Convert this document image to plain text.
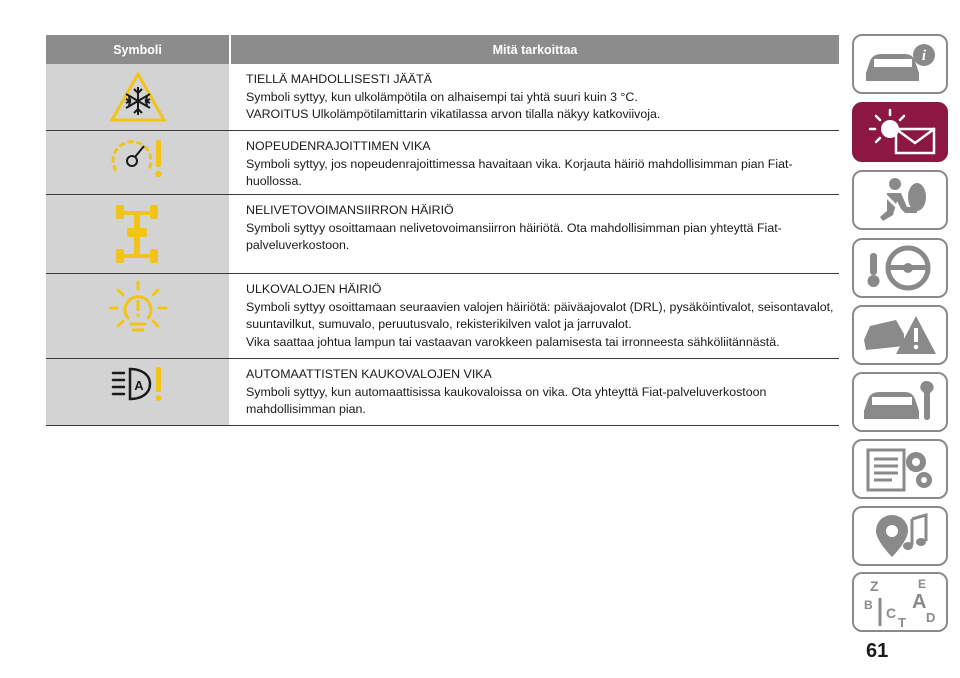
Symboli	Mitä tarkoittaa

TIELLÄ MAHDOLLISESTI JÄÄTÄ

Symboli syttyy, kun ulkolämpötila on alhaisempi tai yhtä suuri kuin 3 °C.

VAROITUS Ulkolämpötilamittarin vikatilassa arvon tilalla näkyy katkoviivoja.

NOPEUDENRAJOITTIMEN VIKA

Symboli syttyy, jos nopeudenrajoittimessa havaitaan vika. Korjauta häiriö mahdollisimman pian Fiat-huollossa.

NELIVETOVOIMANSIIRRON HÄIRIÖ

Symboli syttyy osoittamaan nelivetovoimansiirron häiriötä. Ota mahdollisimman pian yhteyttä Fiat-palveluverkostoon.

ULKOVALOJEN HÄIRIÖ

Symboli syttyy osoittamaan seuraavien valojen häiriötä: päiväajovalot (DRL), pysäköintivalot, seisontavalot, suuntavilkut, sumuvalo, peruutusvalo, rekisterikilven valot ja jarruvalot.

Vika saattaa johtua lampun tai vastaavan varokkeen palamisesta tai irronneesta sähköliitännästä.

A

AUTOMAATTISTEN KAUKOVALOJEN VIKA

Symboli syttyy, kun automaattisissa kaukovaloissa on vika. Ota yhteyttä Fiat-palveluverkostoon mahdollisimman pian.

i
Z	E
B A
C D
T
61
